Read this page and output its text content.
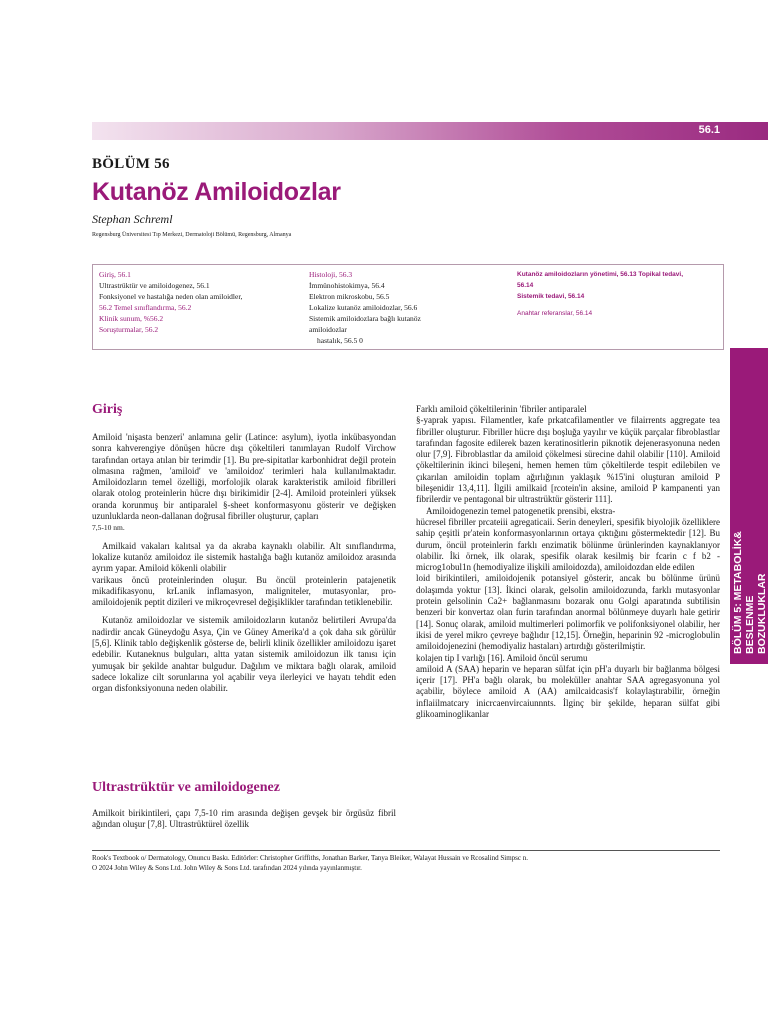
56.1
BÖLÜM 56
Kutanöz Amiloidozlar
Stephan Schreml
Regensburg Üniversitesi Tıp Merkezi, Dermatoloji Bölümü, Regensburg, Almanya
Giriş, 56.1
Ultrastrüktür ve amiloidogenez, 56.1
Fonksiyonel ve hastalığa neden olan amiloidler,
56.2 Temel sınıflandırma, 56.2
Klinik sunum, %56.2
Soruşturmalar, 56.2
Histoloji, 56.3
İmmünohistokimya, 56.4
Elektron mikroskobu, 56.5
Lokalize kutanöz amiloidozlar, 56.6
Sistemik amiloidozlara bağlı kutanöz
amiloidozlar
hastalık, 56.5 0
Kutanöz amiloidozların yönetimi, 56.13 Topikal tedavi,
56.14
Sistemik tedavi, 56.14
Anahtar referanslar, 56.14
BÖLÜM 5: METABOLİK& BESLENME BOZUKLUKLAR
Giriş

Amiloid 'nişasta benzeri' anlamına gelir (Latince: asylum), iyotla inkübasyondan sonra kahverengiye dönüşen hücre dışı çökeltileri tanımlayan Rudolf Virchow tarafından ortaya atılan bir terimdir [1]. Bu pre-sipitatlar karbonhidrat değil protein olmasına rağmen, 'amiloid' ve 'amiloidoz' terimleri hala kullanılmaktadır. Amiloidozların temel özelliği, morfolojik olarak karakteristik amiloid fibrilleri olarak otolog proteinlerin hücre dışı birikimidir [2-4]. Amiloid proteinleri yüksek oranda korunmuş bir antiparalel §-sheet konformasyonu gösterir ve değişken uzunluklarda neon-dallanan doğrusal fibriller oluşturur, çapları

7,5-10 nm.

Amilkaid vakaları kalıtsal ya da akraba kaynaklı olabilir. Alt sınıflandırma, lokalize kutanöz amiloidoz ile sistemik hastalığa bağlı kutanöz amiloidoz arasında ayrım yapar. Amiloid kökenli olabilir

varikaus öncü proteinlerinden oluşur. Bu öncül proteinlerin patajenetik mikadifikasyonu, krLanik inflamasyon, maligniteler, mutasyonlar, pro-amiloidojenik peptit dizileri ve mikroçevresel değişiklikler tarafından tetiklenebilir.

Kutanöz amiloidozlar ve sistemik amiloidozların kutanöz belirtileri Avrupa'da nadirdir ancak Güneydoğu Asya, Çin ve Güney Amerika'd a çok daha sık görülür [5,6]. Klinik tablo değişkenlik gösterse de, belirli klinik özellikler amiloidozu işaret edebilir. Kutaneknus bulguları, altta yatan sistemik amiloidozun ilk tanısı için yumuşak bir şekilde anahtar bulgudur. Dağılım ve miktara bağlı olarak, amiloid sadece lokalize cilt sorunlarına yol açabilir veya ilerleyici ve hayatı tehdit eden organ disfonksiyonuna neden olabilir.

Ultrastrüktür ve amiloidogenez

Amilkoit birikintileri, çapı 7,5-10 rim arasında değişen gevşek bir örgüsüz fibril ağından oluşur [7,8]. Ultrastrüktürel özellik

Farklı amiloid çökeltilerinin 'fibriler antiparalel

§-yaprak yapısı. Filamentler, kafe prkatcafilamentler ve filairrents aggregate tea fibriller oluşturur. Fibriller hücre dışı boşluğa yayılır ve küçük parçalar fibroblastlar tarafından fagosite edilerek bazen keratinositlerin piknotik dejenerasyonuna neden olur [7,9]. Fibroblastlar da amiloid çökelmesi sürecine dahil olabilir [110]. Amiloid çökeltilerinin ikinci bileşeni, hemen hemen tüm çökeltilerde tespit edilebilen ve çıkarılan amiloidin toplam ağırlığının yaklaşık %15'ini oluşturan amiloid P bileşenidir 13,4,11]. İlgili amilkaid [rcotein'in aksine, amiloid P kampanenti yan fibrilerdir ve pentagonal bir ultrastrüktür gösterir 111].

Amiloidogenezin temel patogenetik prensibi, ekstra-

hücresel fibriller prcateiii agregaticaii. Serin deneyleri, spesifik biyolojik özelliklere sahip çeşitli pr'atein konformasyonlarının ortaya çıktığını göstermektedir [12]. Bu durum, öncül proteinlerin farklı enzimatik bölünme ürünlerinden kaynaklanıyor olabilir. İki örnek, ilk olarak, spesifik olarak kesilmiş bir fcarin c f b2 -microg1obul1n (hemodiyalize ilişkili amiloidozda), amiloidozdan elde edilen

loid birikintileri, amiloidojenik potansiyel gösterir, ancak bu bölünme ürünü dolaşımda yoktur [13]. İkinci olarak, gelsolin amiloidozunda, farklı mutasyonlar protein gelsolinin Ca2+ bağlanmasını bozarak onu Golgi aparatında subtilisin benzeri bir konvertaz olan furin tarafından anormal bölünmeye duyarlı hale getirir [14]. Sonuç olarak, amiloid multimerleri polimorfik ve polifonksiyonel olabilir, her ikisi de yerel mikro çevreye bağlıdır [12,15]. Örneğin, heparinin 92 -microglobulin amiloidojenezini (hemodiyaliz hastaları) artırdığı gösterilmiştir.

kolajen tip I varlığı [16]. Amiloid öncül serumu

amiloid A (SAA) heparin ve heparan sülfat için pH'a duyarlı bir bağlanma bölgesi içerir [17]. PH'a bağlı olarak, bu moleküller anahtar SAA agregasyonuna yol açabilir, böylece amiloid A (AA) amilcaidcasis'f kolaylaştırabilir, örneğin inflaiilmatcary inicrcaenvircaiunnnts. İlginç bir şekilde, heparan sülfat gibi glikoaminoglikanlar

Rook's Textbook o/ Dermatology, Onuncu Baskı. Editörler: Christopher Griffiths, Jonathan Barker, Tanya Bleiker, Walayat Hussain ve Rcosalind Simpsc n.
O 2024 John Wiley & Sons Ltd. John Wiley & Sons Ltd. tarafından 2024 yılında yayınlanmıştır.
